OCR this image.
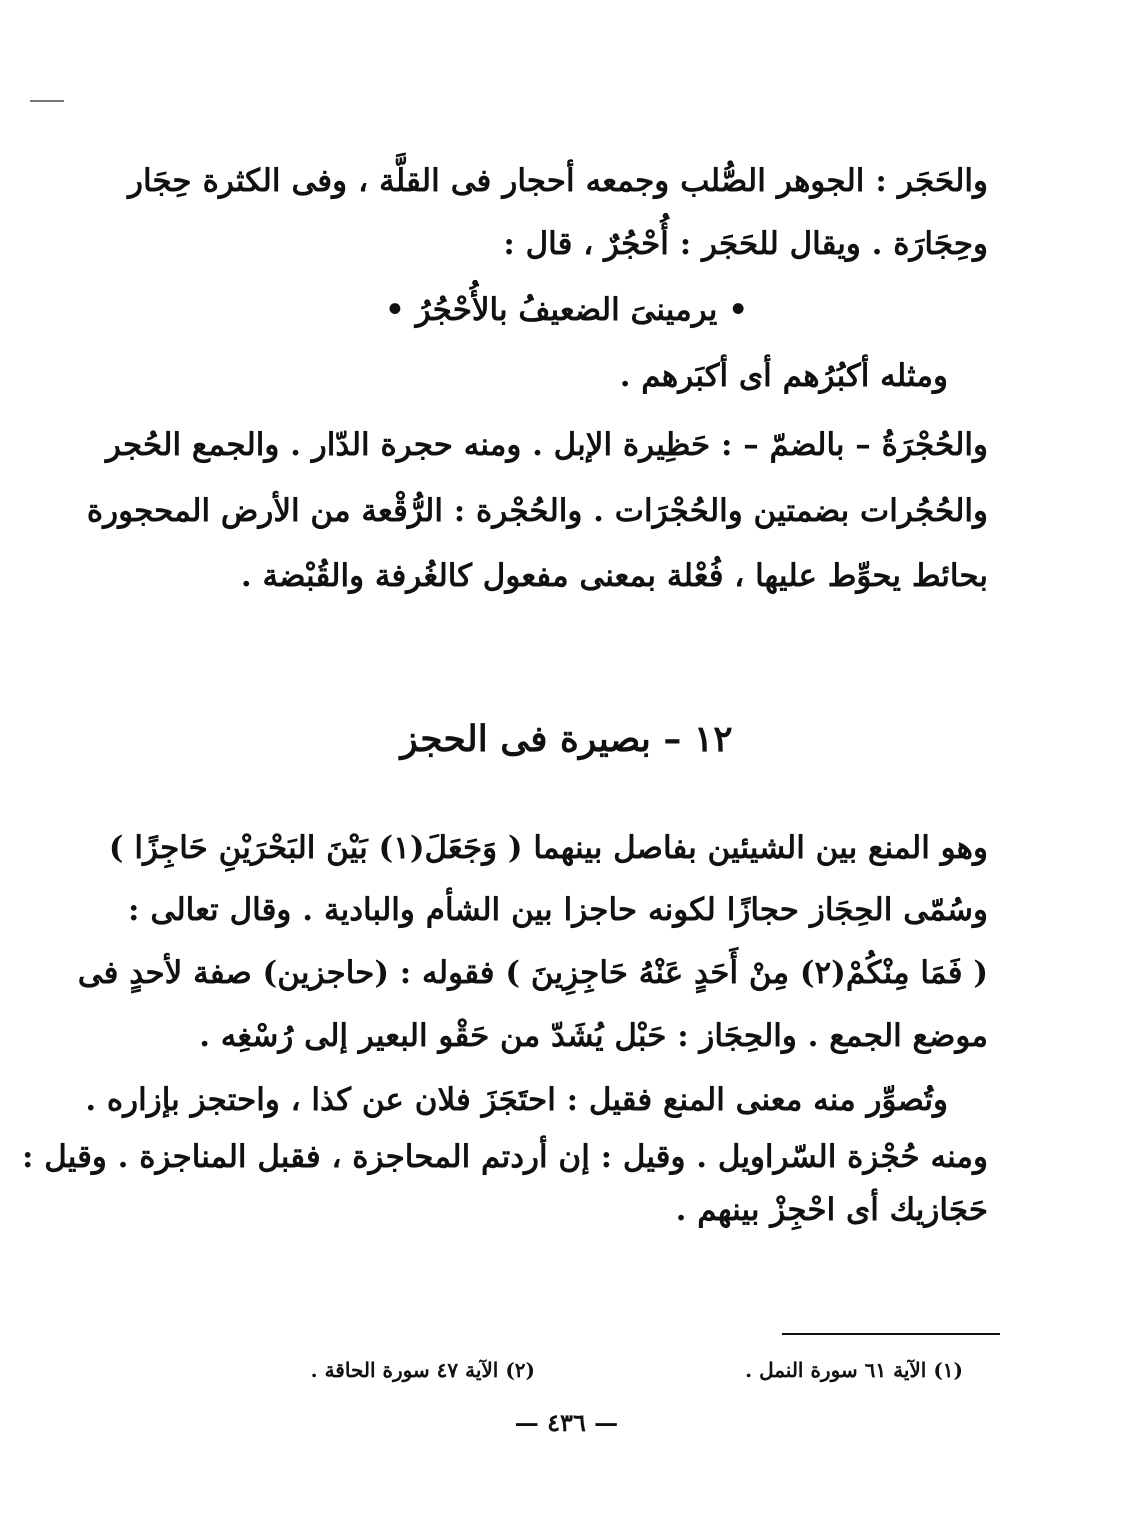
والحَجَر : الجوهر الصُّلب وجمعه أحجار فى القلَّة ، وفى الكثرة حِجَار
وحِجَارَة . ويقال للحَجَر : أُحْجُرٌ ، قال :
• يرمينىَ الضعيفُ بالأُحْجُرُ •
ومثله أكبُرُهم أى أكبَرهم .
والحُجْرَةُ – بالضمّ – : حَظِيرة الإبل . ومنه حجرة الدّار . والجمع الحُجر
والحُجُرات بضمتين والحُجْرَات . والحُجْرة : الرُّقْعة من الأرض المحجورة
بحائط يحوِّط عليها ، فُعْلة بمعنى مفعول كالغُرفة والقُبْضة .
١٢ – بصيرة فى الحجز
وهو المنع بين الشيئين بفاصل بينهما ( وَجَعَلَ(١) بَيْنَ البَحْرَيْنِ حَاجِزًا )
وسُمّى الحِجَاز حجازًا لكونه حاجزا بين الشأم والبادية . وقال تعالى :
( فَمَا مِنْكُمْ(٢) مِنْ أَحَدٍ عَنْهُ حَاجِزِينَ ) فقوله : (حاجزين) صفة لأحدٍ فى
موضع الجمع . والحِجَاز : حَبْل يُشَدّ من حَقْو البعير إلى رُسْغِه .
وتُصوِّر منه معنى المنع فقيل : احتَجَزَ فلان عن كذا ، واحتجز بإزاره .
ومنه حُجْزة السّراويل . وقيل : إن أردتم المحاجزة ، فقبل المناجزة . وقيل :
حَجَازيك أى احْجِزْ بينهم .
(١) الآية ٦١ سورة النمل .
(٢) الآية ٤٧ سورة الحاقة .
— ٤٣٦ —
